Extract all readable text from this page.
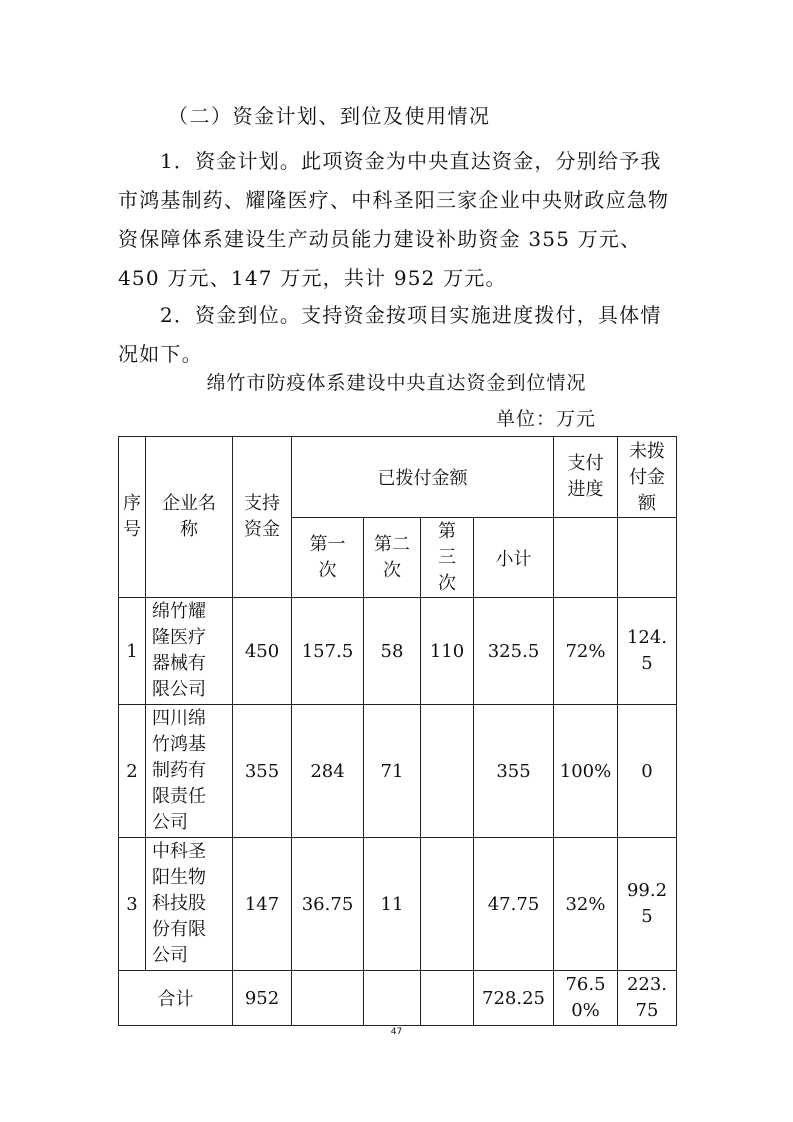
（二）资金计划、到位及使用情况
1．资金计划。此项资金为中央直达资金，分别给予我市鸿基制药、耀隆医疗、中科圣阳三家企业中央财政应急物资保障体系建设生产动员能力建设补助资金 355 万元、450 万元、147 万元，共计 952 万元。
2．资金到位。支持资金按项目实施进度拨付，具体情况如下。
绵竹市防疫体系建设中央直达资金到位情况
单位：万元
序号	企业名称	支持资金	已拨付金额				支付进度	未拨付金额
			第一次	第二次	第三次	小计		
1	绵竹耀隆医疗器械有限公司	450	157.5	58	110	325.5	72%	124.5
2	四川绵竹鸿基制药有限责任公司	355	284	71		355	100%	0
3	中科圣阳生物科技股份有限公司	147	36.75	11		47.75	32%	99.25
合计		952				728.25	76.50%	223.75
47
